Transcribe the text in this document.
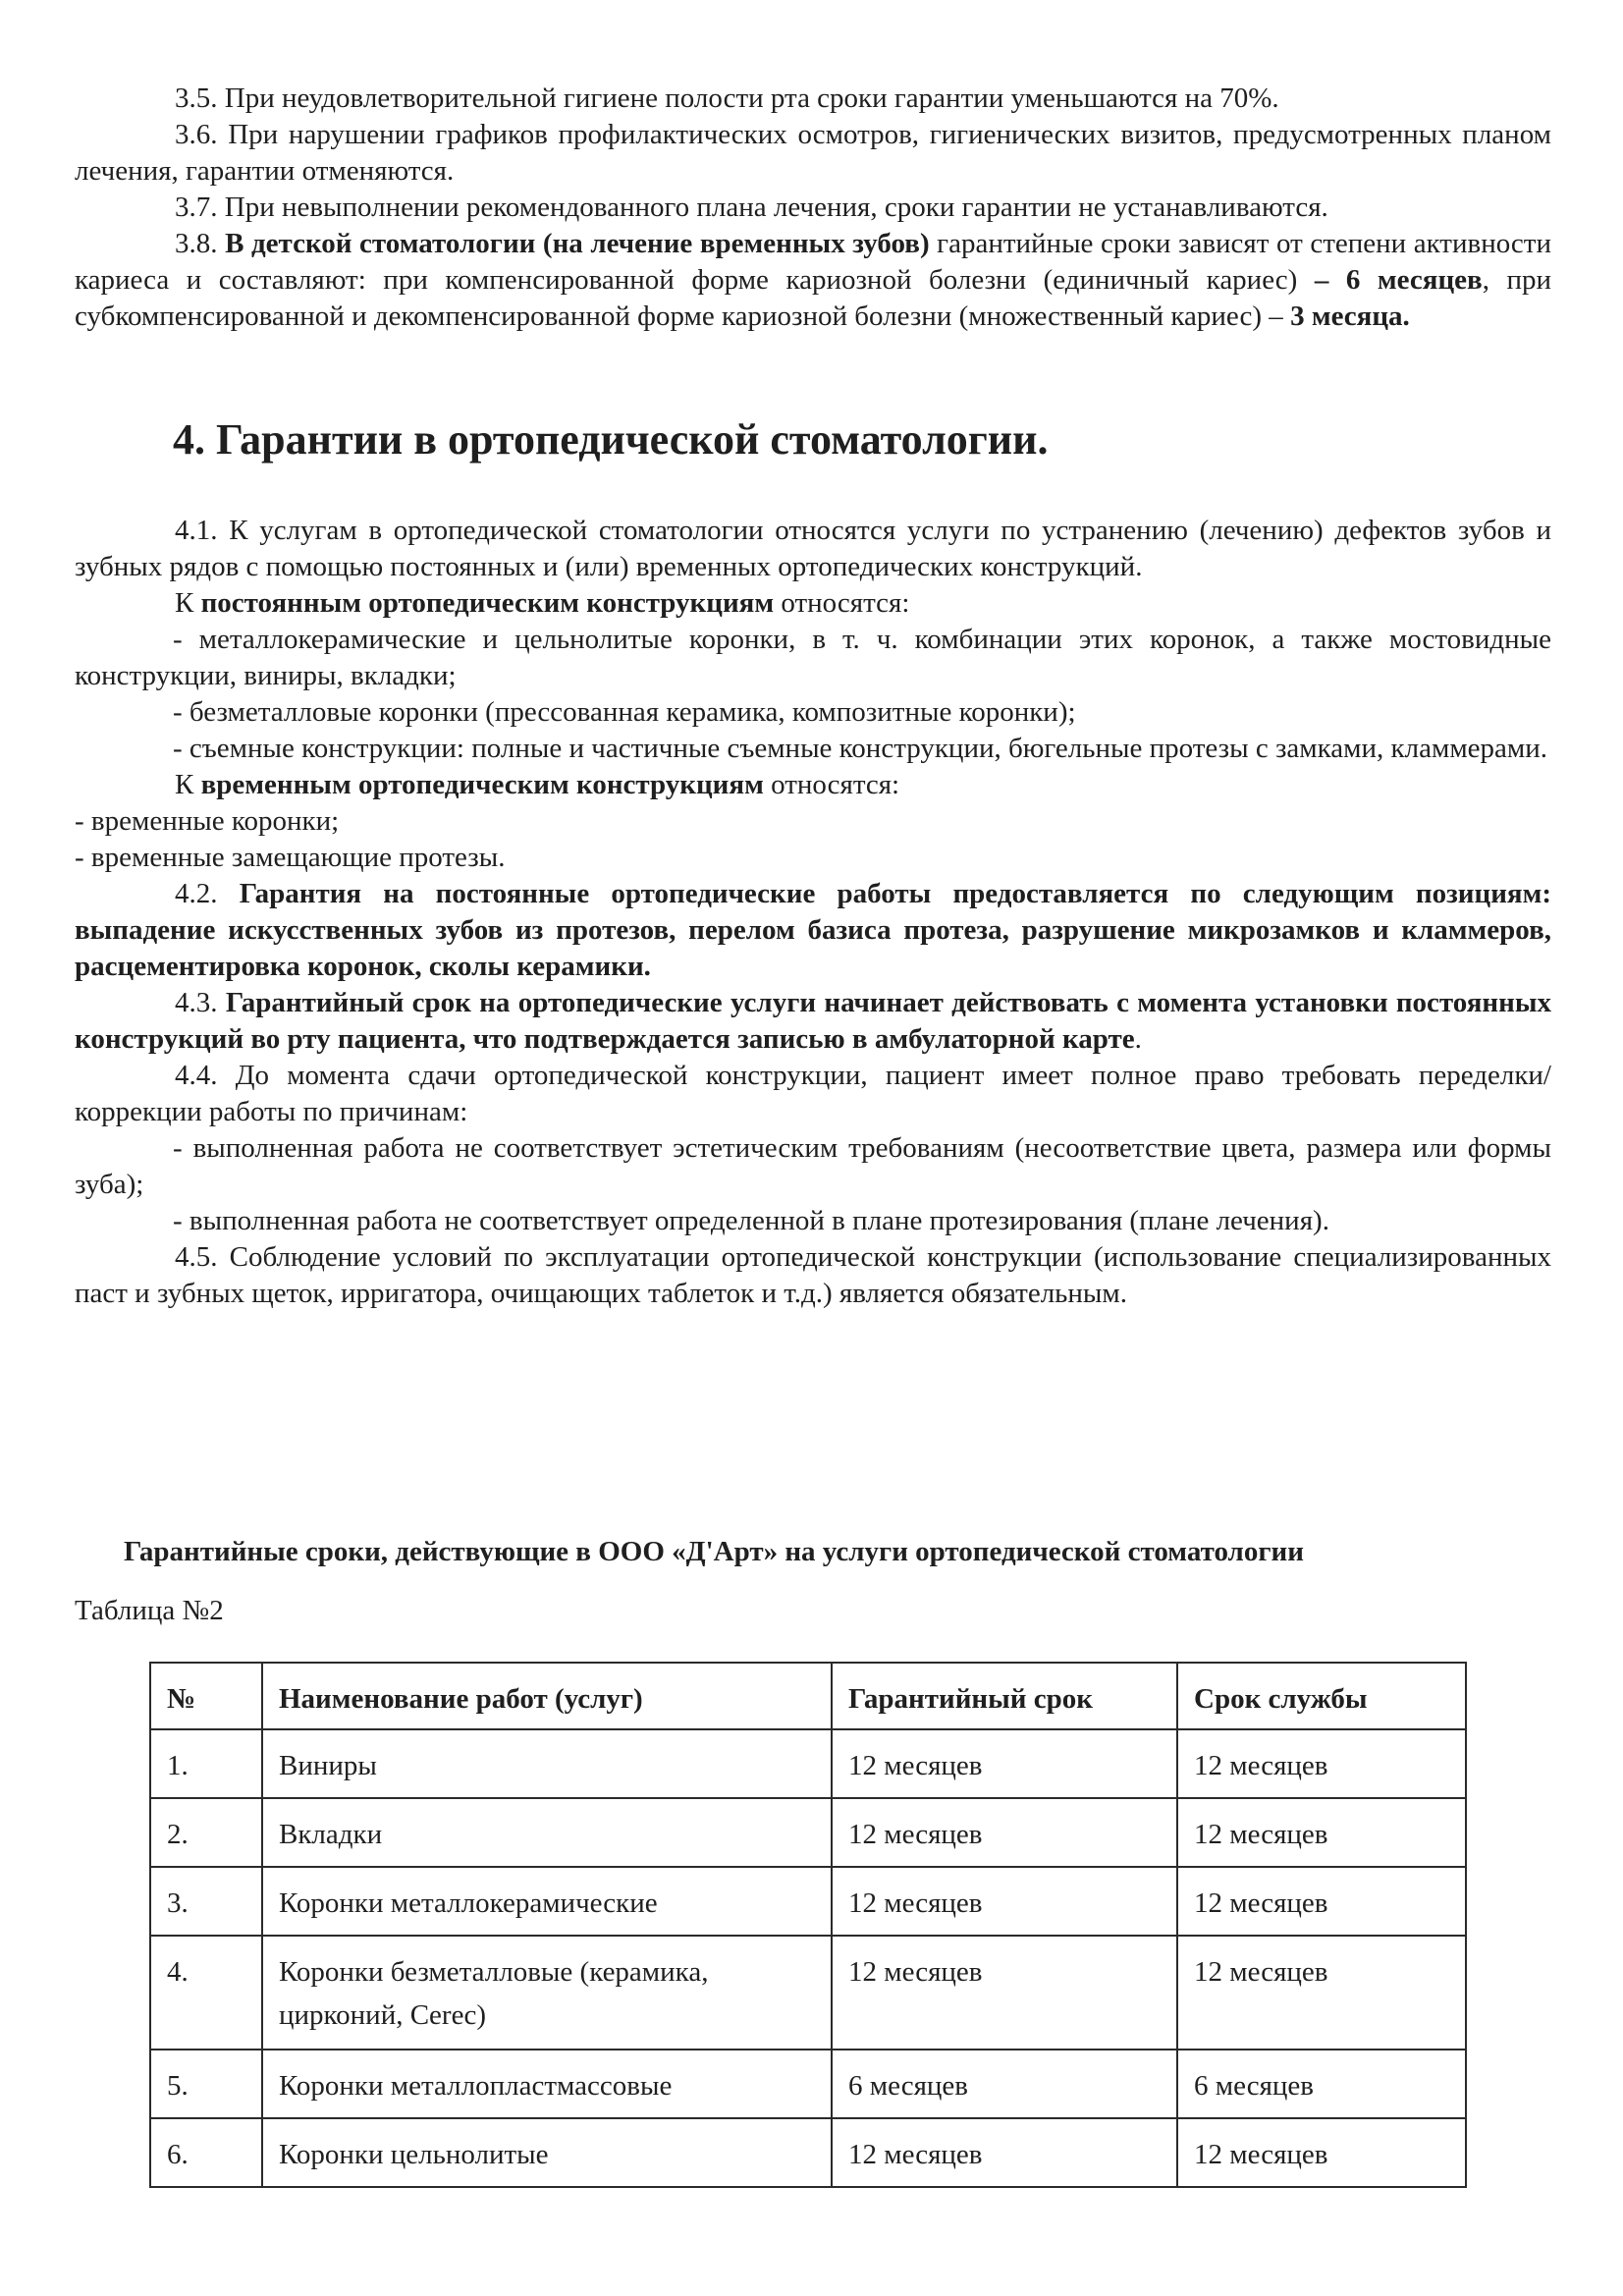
3.5. При неудовлетворительной гигиене полости рта сроки гарантии уменьшаются на 70%.

3.6. При нарушении графиков профилактических осмотров, гигиенических визитов, предусмотренных планом лечения, гарантии отменяются.

3.7. При невыполнении рекомендованного плана лечения, сроки гарантии не устанавливаются.

3.8. В детской стоматологии (на лечение временных зубов) гарантийные сроки зависят от степени активности кариеса и составляют: при компенсированной форме кариозной болезни (единичный кариес) – 6 месяцев, при субкомпенсированной и декомпенсированной форме кариозной болезни (множественный кариес) – 3 месяца.

4. Гарантии в ортопедической стоматологии.

4.1. К услугам в ортопедической стоматологии относятся услуги по устранению (лечению) дефектов зубов и зубных рядов с помощью постоянных и (или) временных ортопедических конструкций.

К постоянным ортопедическим конструкциям относятся:

- металлокерамические и цельнолитые коронки, в т. ч. комбинации этих коронок, а также мостовидные конструкции, виниры, вкладки;

- безметалловые коронки (прессованная керамика, композитные коронки);

- съемные конструкции: полные и частичные съемные конструкции, бюгельные протезы с замками, кламмерами.

К временным ортопедическим конструкциям относятся:

- временные коронки;

- временные замещающие протезы.

4.2. Гарантия на постоянные ортопедические работы предоставляется по следующим позициям: выпадение искусственных зубов из протезов, перелом базиса протеза, разрушение микрозамков и кламмеров, расцементировка коронок, сколы керамики.

4.3. Гарантийный срок на ортопедические услуги начинает действовать с момента установки постоянных конструкций во рту пациента, что подтверждается записью в амбулаторной карте.

4.4. До момента сдачи ортопедической конструкции, пациент имеет полное право требовать переделки/коррекции работы по причинам:

- выполненная работа не соответствует эстетическим требованиям (несоответствие цвета, размера или формы зуба);

- выполненная работа не соответствует определенной в плане протезирования (плане лечения).

4.5. Соблюдение условий по эксплуатации ортопедической конструкции (использование специализированных паст и зубных щеток, ирригатора, очищающих таблеток и т.д.) является обязательным.

Гарантийные сроки, действующие в ООО «Д'Арт» на услуги ортопедической стоматологии
Таблица №2
№	Наименование работ (услуг)	Гарантийный срок	Срок службы
1.	Виниры	12 месяцев	12 месяцев
2.	Вкладки	12 месяцев	12 месяцев
3.	Коронки металлокерамические	12 месяцев	12 месяцев
4.	Коронки безметалловые (керамика, цирконий, Cerec)	12 месяцев	12 месяцев
5.	Коронки металлопластмассовые	6 месяцев	6 месяцев
6.	Коронки цельнолитые	12 месяцев	12 месяцев
